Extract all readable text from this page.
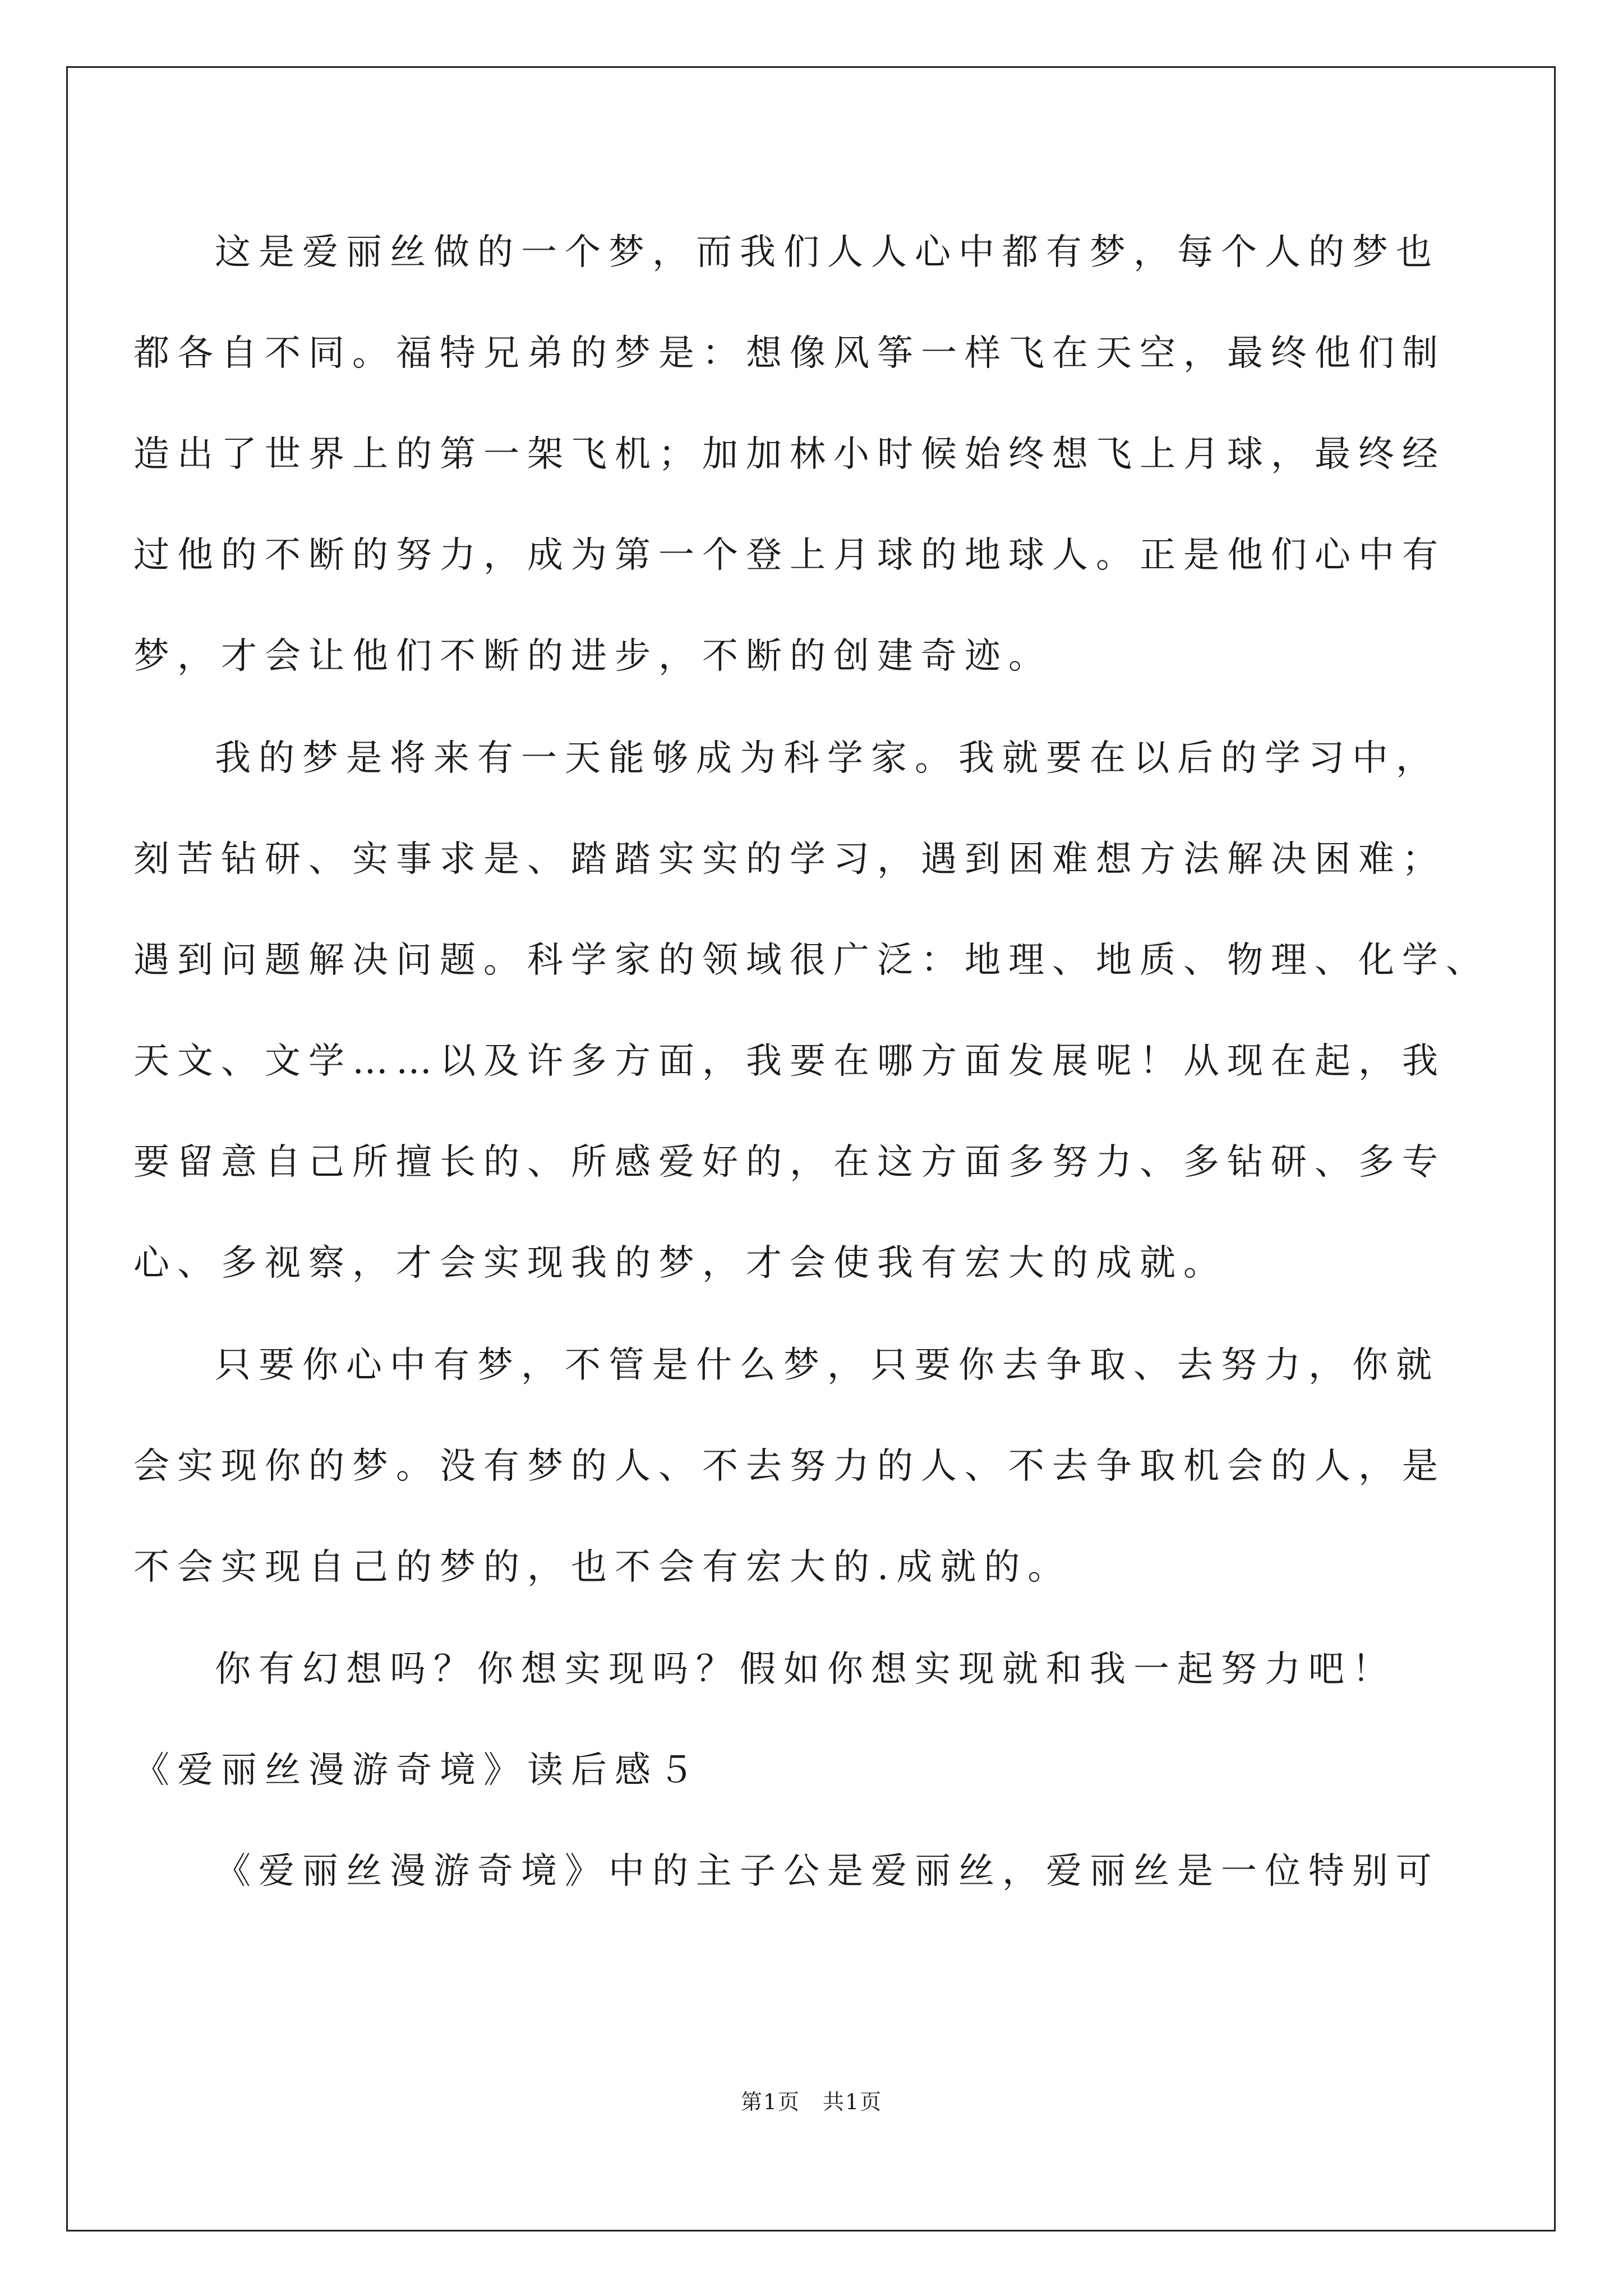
这是爱丽丝做的一个梦，而我们人人心中都有梦，每个人的梦也
都各自不同。福特兄弟的梦是：想像风筝一样飞在天空，最终他们制
造出了世界上的第一架飞机；加加林小时候始终想飞上月球，最终经
过他的不断的努力，成为第一个登上月球的地球人。正是他们心中有
梦，才会让他们不断的进步，不断的创建奇迹。
我的梦是将来有一天能够成为科学家。我就要在以后的学习中，
刻苦钻研、实事求是、踏踏实实的学习，遇到困难想方法解决困难；
遇到问题解决问题。科学家的领域很广泛：地理、地质、物理、化学、
天文、文学……以及许多方面，我要在哪方面发展呢！从现在起，我
要留意自己所擅长的、所感爱好的，在这方面多努力、多钻研、多专
心、多视察，才会实现我的梦，才会使我有宏大的成就。
只要你心中有梦，不管是什么梦，只要你去争取、去努力，你就
会实现你的梦。没有梦的人、不去努力的人、不去争取机会的人，是
不会实现自己的梦的，也不会有宏大的.成就的。
你有幻想吗？你想实现吗？假如你想实现就和我一起努力吧！
《爱丽丝漫游奇境》读后感５
《爱丽丝漫游奇境》中的主子公是爱丽丝，爱丽丝是一位特别可
第1页　共1页
